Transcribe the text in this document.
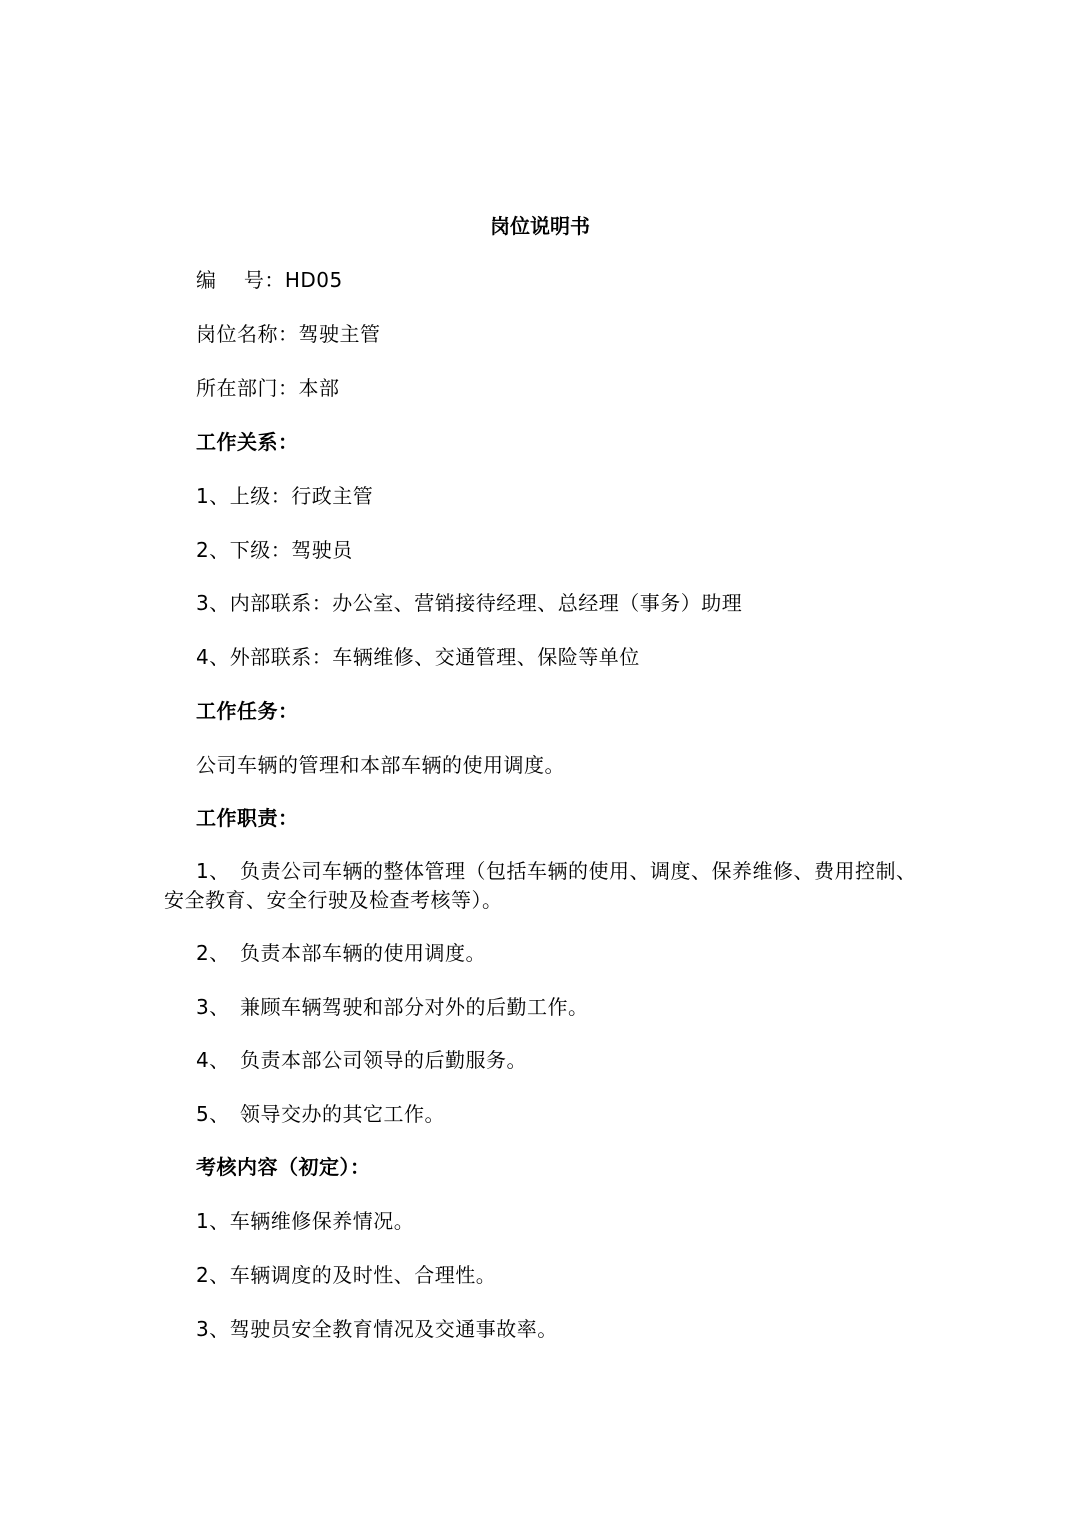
岗位说明书
编　 号：HD05
岗位名称：驾驶主管
所在部门：本部
工作关系：
1、上级：行政主管
2、下级：驾驶员
3、内部联系：办公室、营销接待经理、总经理（事务）助理
4、外部联系：车辆维修、交通管理、保险等单位
工作任务：
公司车辆的管理和本部车辆的使用调度。
工作职责：
1、 负责公司车辆的整体管理（包括车辆的使用、调度、保养维修、费用控制、安全教育、安全行驶及检查考核等）。
2、 负责本部车辆的使用调度。
3、 兼顾车辆驾驶和部分对外的后勤工作。
4、 负责本部公司领导的后勤服务。
5、 领导交办的其它工作。
考核内容（初定）：
1、车辆维修保养情况。
2、车辆调度的及时性、合理性。
3、驾驶员安全教育情况及交通事故率。
